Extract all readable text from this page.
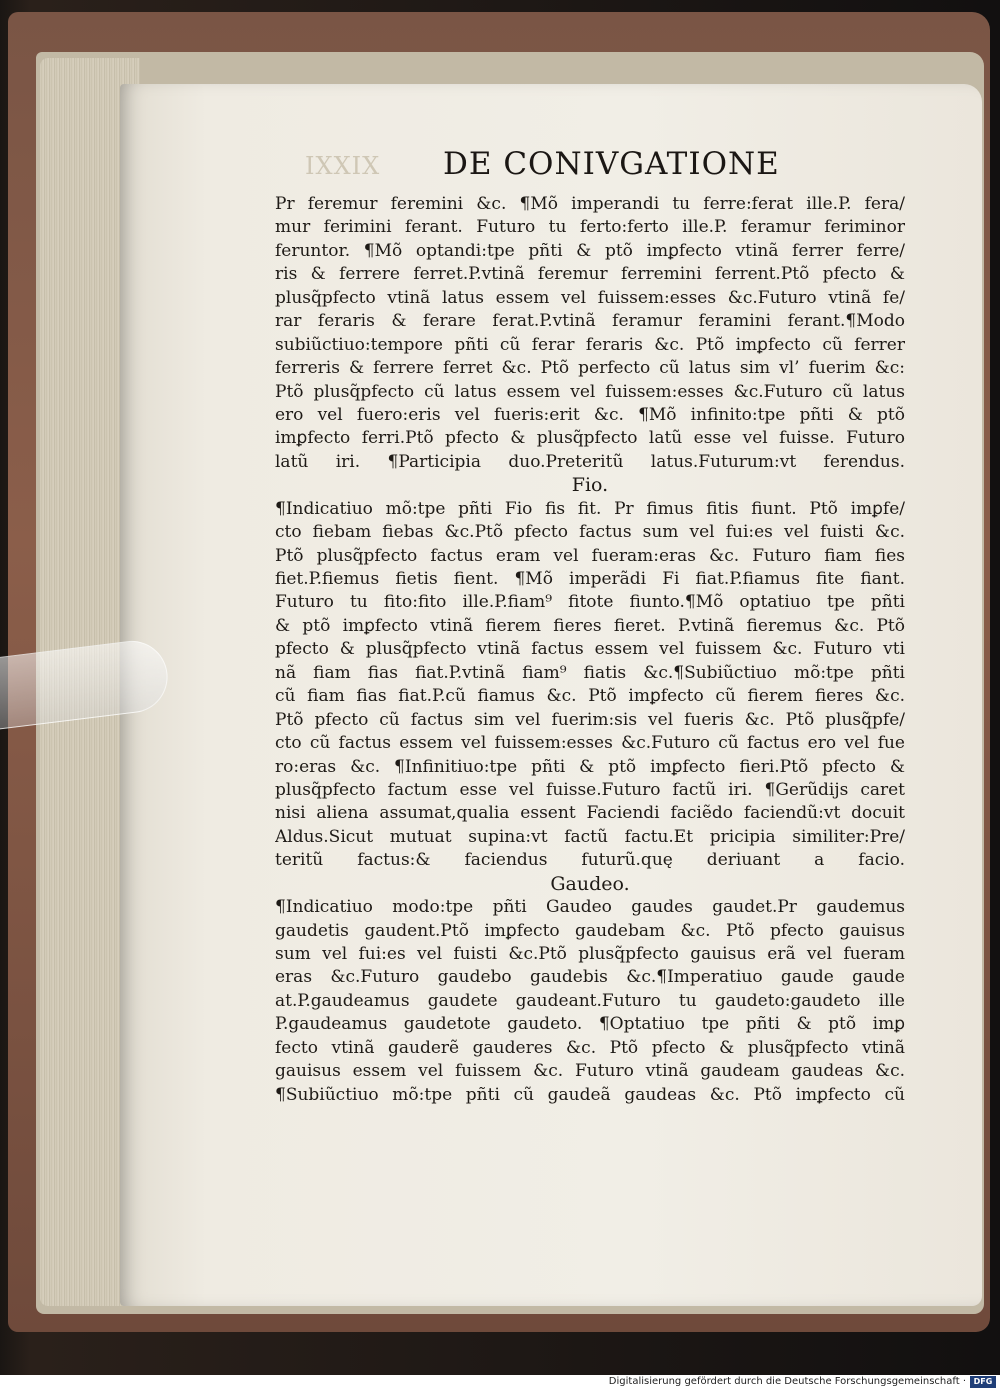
IXXIX DE CONIVGATIONE
Pr feremur feremini &c. ¶Mõ imperandi tu ferre:ferat ille.P. fera/
mur ferimini ferant. Futuro tu ferto:ferto ille.P. feramur feriminor
feruntor. ¶Mõ optandi:tpe pñti & ptõ imꝑfecto vtinã ferrer ferre/
ris & ferrere ferret.P.vtinã feremur ferremini ferrent.Ptõ pfecto &
plusq̃pfecto vtinã latus essem vel fuissem:esses &c.Futuro vtinã fe/
rar feraris & ferare ferat.P.vtinã feramur feramini ferant.¶Modo
subiũctiuo:tempore pñti cũ ferar feraris &c. Ptõ imꝑfecto cũ ferrer
ferreris & ferrere ferret &c. Ptõ perfecto cũ latus sim vl’ fuerim &c:
Ptõ plusq̃pfecto cũ latus essem vel fuissem:esses &c.Futuro cũ latus
ero vel fuero:eris vel fueris:erit &c. ¶Mõ infinito:tpe pñti & ptõ
imꝑfecto ferri.Ptõ pfecto & plusq̃pfecto latũ esse vel fuisse. Futuro
latũ iri. ¶Participia duo.Preteritũ latus.Futurum:vt ferendus.
Fio.
¶Indicatiuo mõ:tpe pñti Fio fis fit. Pr fimus fitis fiunt. Ptõ imꝑfe/
cto fiebam fiebas &c.Ptõ pfecto factus sum vel fui:es vel fuisti &c.
Ptõ plusq̃pfecto factus eram vel fueram:eras &c. Futuro fiam fies
fiet.P.fiemus fietis fient. ¶Mõ imperãdi Fi fiat.P.fiamus fite fiant.
Futuro tu fito:fito ille.P.fiam⁹ fitote fiunto.¶Mõ optatiuo tpe pñti
& ptõ imꝑfecto vtinã fierem fieres fieret. P.vtinã fieremus &c. Ptõ
pfecto & plusq̃pfecto vtinã factus essem vel fuissem &c. Futuro vti
nã fiam fias fiat.P.vtinã fiam⁹ fiatis &c.¶Subiũctiuo mõ:tpe pñti
cũ fiam fias fiat.P.cũ fiamus &c. Ptõ imꝑfecto cũ fierem fieres &c.
Ptõ pfecto cũ factus sim vel fuerim:sis vel fueris &c. Ptõ plusq̃pfe/
cto cũ factus essem vel fuissem:esses &c.Futuro cũ factus ero vel fue
ro:eras &c. ¶Infinitiuo:tpe pñti & ptõ imꝑfecto fieri.Ptõ pfecto &
plusq̃pfecto factum esse vel fuisse.Futuro factũ iri. ¶Gerũdijs caret
nisi aliena assumat,qualia essent Faciendi faciẽdo faciendũ:vt docuit
Aldus.Sicut mutuat supina:vt factũ factu.Et pricipia similiter:Pre/
teritũ factus:& faciendus futurũ.quę deriuant a facio.
Gaudeo.
¶Indicatiuo modo:tpe pñti Gaudeo gaudes gaudet.Pr gaudemus
gaudetis gaudent.Ptõ imꝑfecto gaudebam &c. Ptõ pfecto gauisus
sum vel fui:es vel fuisti &c.Ptõ plusq̃pfecto gauisus erã vel fueram
eras &c.Futuro gaudebo gaudebis &c.¶Imperatiuo gaude gaude
at.P.gaudeamus gaudete gaudeant.Futuro tu gaudeto:gaudeto ille
P.gaudeamus gaudetote gaudeto. ¶Optatiuo tpe pñti & ptõ imꝑ
fecto vtinã gauderẽ gauderes &c. Ptõ pfecto & plusq̃pfecto vtinã
gauisus essem vel fuissem &c. Futuro vtinã gaudeam gaudeas &c.
¶Subiũctiuo mõ:tpe pñti cũ gaudeã gaudeas &c. Ptõ imꝑfecto cũ
Digitalisierung gefördert durch die Deutsche Forschungsgemeinschaft · DFG
